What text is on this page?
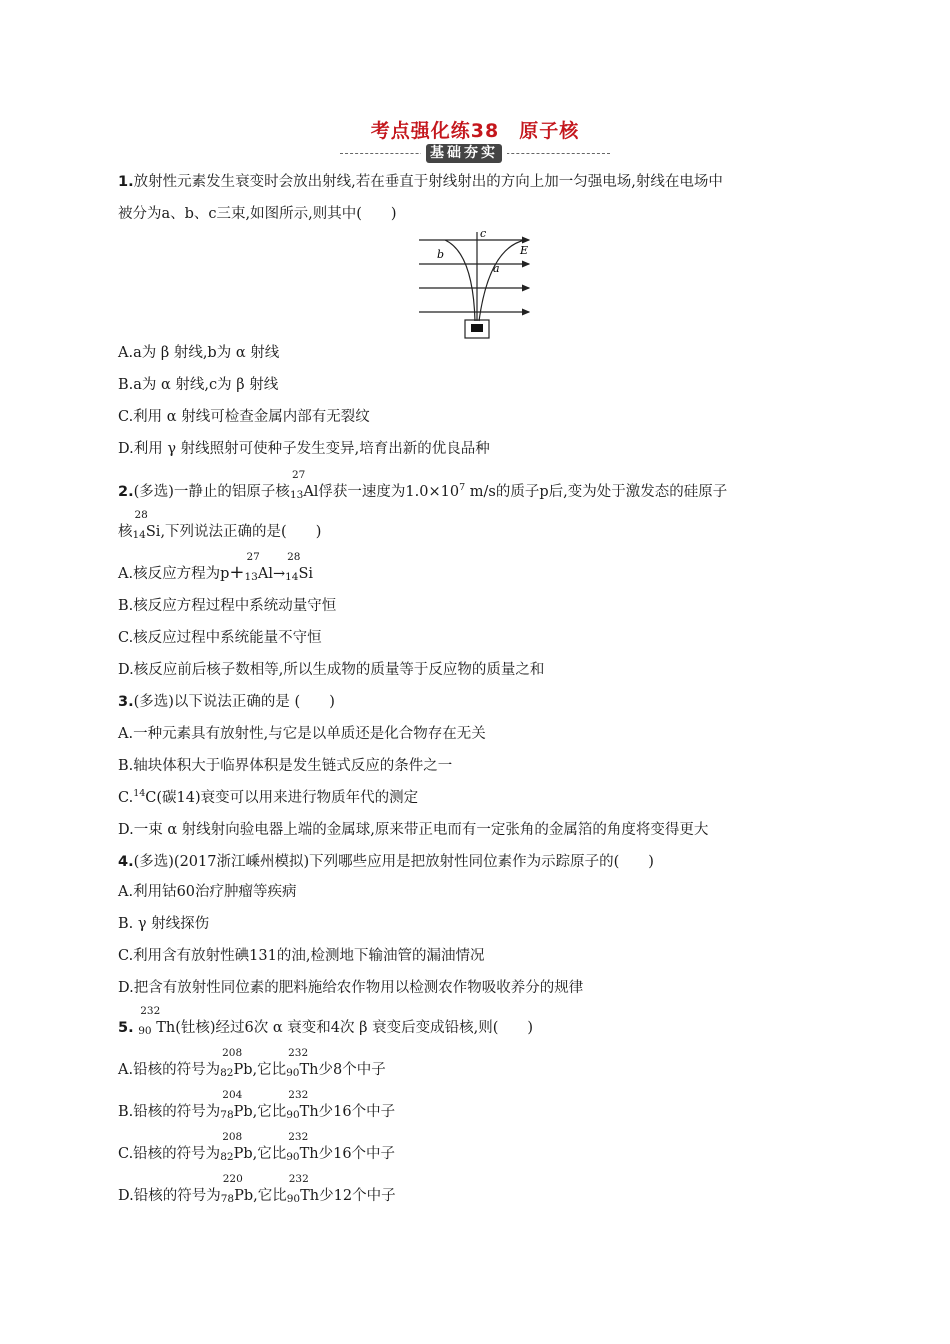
考点强化练38　原子核
基础夯实
1.放射性元素发生衰变时会放出射线,若在垂直于射线射出的方向上加一匀强电场,射线在电场中
被分为a、b、c三束,如图所示,则其中(　　)
c
b
a
E
A.a为 β 射线,b为 α 射线
B.a为 α 射线,c为 β 射线
C.利用 α 射线可检查金属内部有无裂纹
D.利用 γ 射线照射可使种子发生变异,培育出新的优良品种
2.(多选)一静止的铝原子核
27
13Al俘获一速度为$1.0\times 10^7$ m/s的质子p后,变为处于激发态的硅原子
核
28
14Si,下列说法正确的是(　　)
A.核反应方程为p+
27
13Al→
28
14Si
B.核反应方程过程中系统动量守恒
C.核反应过程中系统能量不守恒
D.核反应前后核子数相等,所以生成物的质量等于反应物的质量之和
3.(多选)以下说法正确的是 (　　)
A.一种元素具有放射性,与它是以单质还是化合物存在无关
B.轴块体积大于临界体积是发生链式反应的条件之一
C.$^{14}$C(碳14)衰变可以用来进行物质年代的测定
D.一束 α 射线射向验电器上端的金属球,原来带正电而有一定张角的金属箔的角度将变得更大
4.(多选)(2017浙江嵊州模拟)下列哪些应用是把放射性同位素作为示踪原子的(　　)
A.利用钴60治疗肿瘤等疾病
B. γ 射线探伤
C.利用含有放射性碘131的油,检测地下输油管的漏油情况
D.把含有放射性同位素的肥料施给农作物用以检测农作物吸收养分的规律
5.
232
90 Th(钍核)经过6次 α 衰变和4次 β 衰变后变成铅核,则(　　)
A.铅核的符号为
208
82Pb,它比
232
90Th少8个中子
B.铅核的符号为
204
78Pb,它比
232
90Th少16个中子
C.铅核的符号为
208
82Pb,它比
232
90Th少16个中子
D.铅核的符号为
220
78Pb,它比
232
90Th少12个中子
